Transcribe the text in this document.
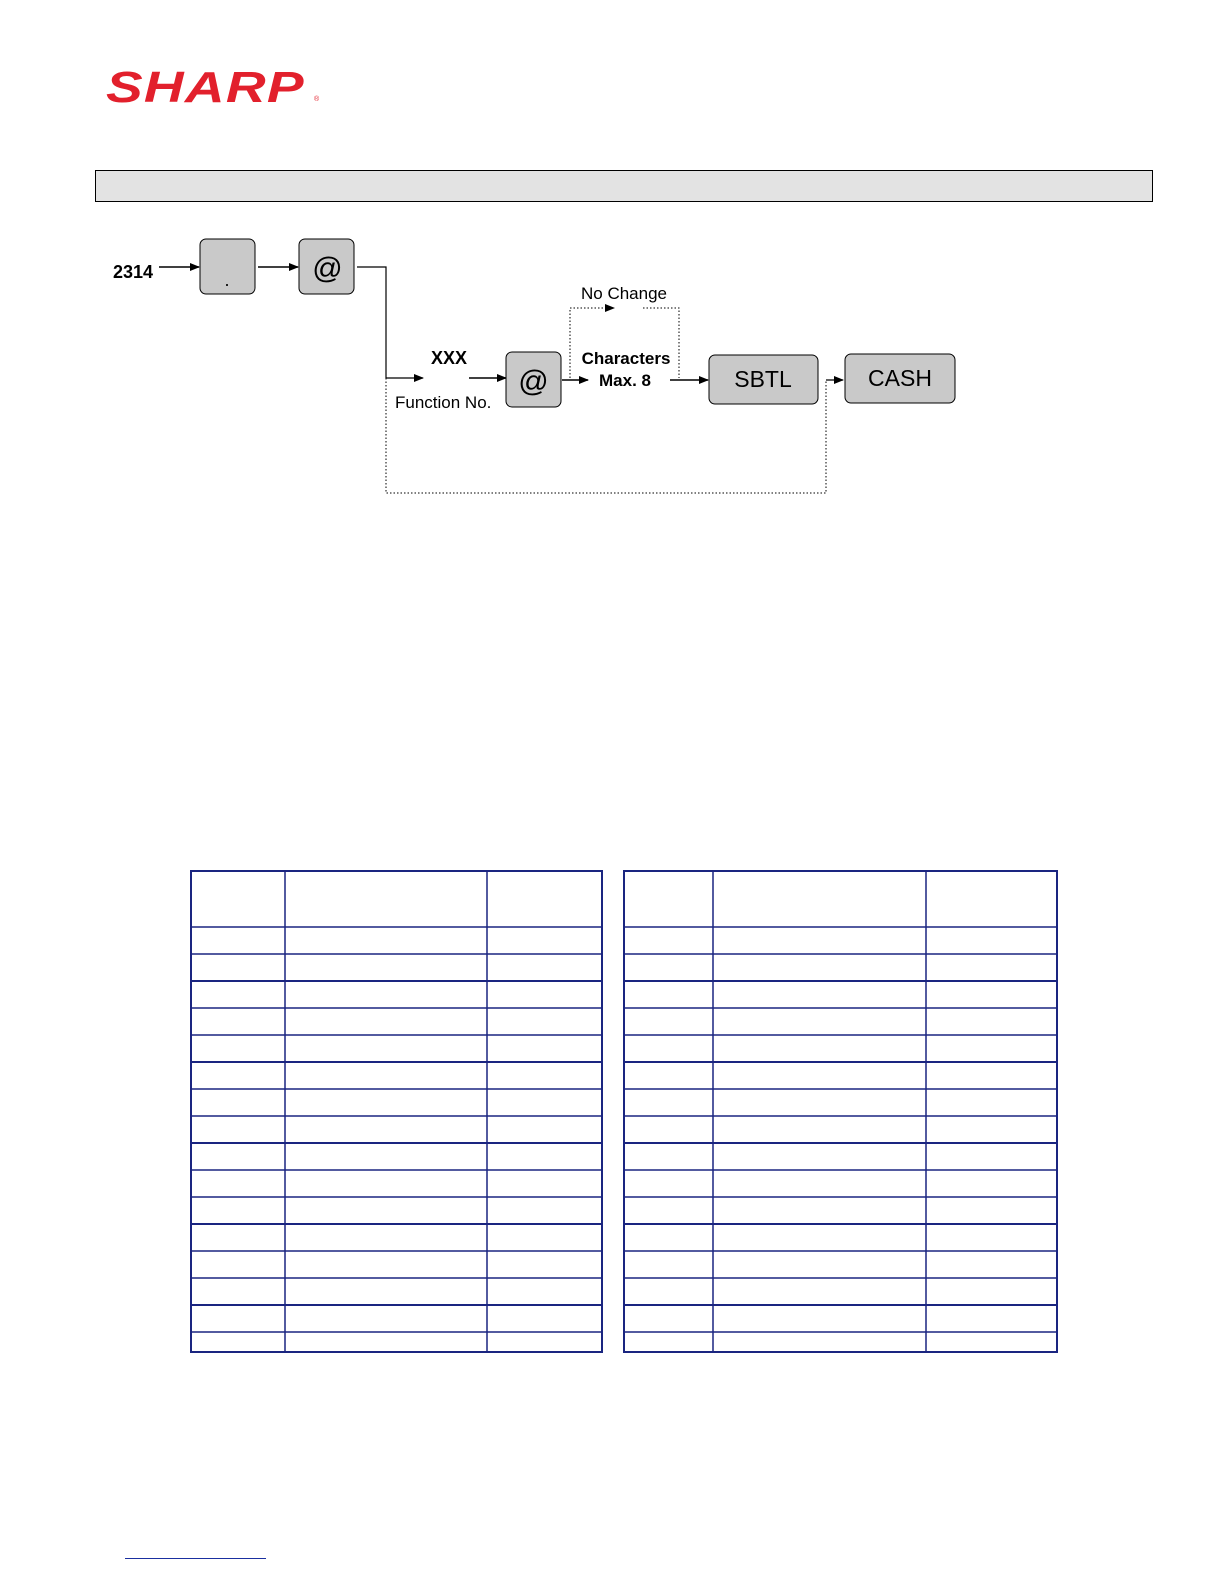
SHARP ®
2314	.	@
XXX
Function No.
@
No Change
Characters
Max. 8	SBTL	CASH
